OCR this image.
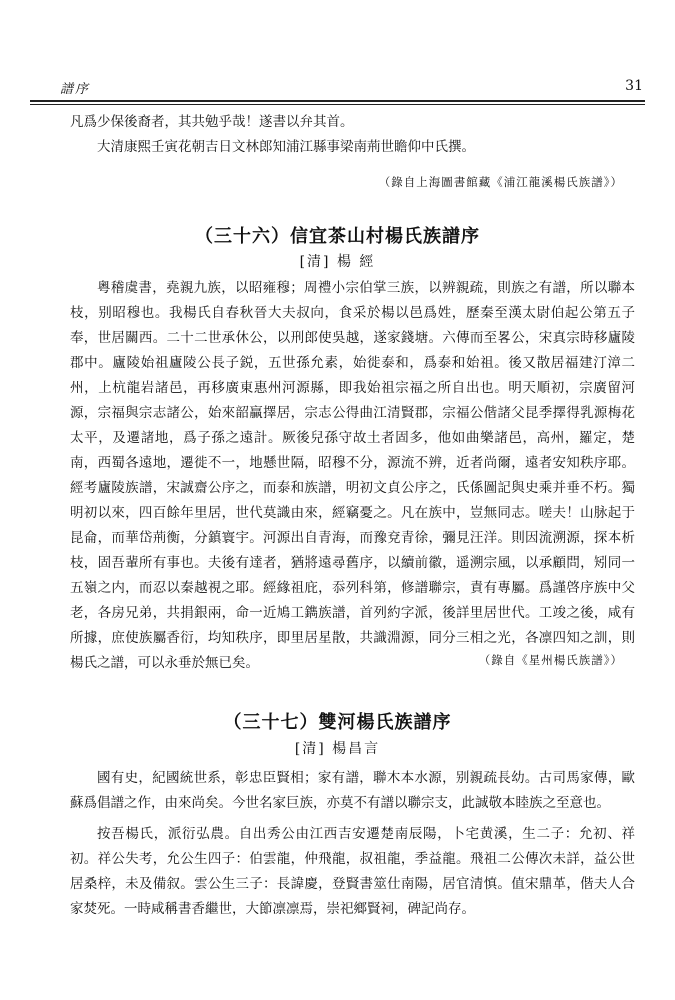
譜序	31

凡爲少保後裔者，其共勉乎哉！遂書以弁其首。

大清康熙壬寅花朝吉日文林郎知浦江縣事梁南荊世瞻仰中氏撰。

（錄自上海圖書館藏《浦江龍溪楊氏族譜》）
（三十六）信宜茶山村楊氏族譜序
[清] 楊 經

粵稽虞書，堯親九族，以昭雍穆；周禮小宗伯掌三族，以辨親疏，則族之有譜，所以聯本枝，别昭穆也。我楊氏自春秋晉大夫叔向，食采於楊以邑爲姓，歷秦至漢太尉伯起公第五子奉，世居關西。二十二世承休公，以刑郎使吳越，遂家錢塘。六傳而至畧公，宋真宗時移廬陵郡中。廬陵始祖廬陵公長子鋭，五世孫允素，始徙泰和，爲泰和始祖。後又散居福建汀漳二州，上杭龍岩諸邑，再移廣東惠州河源縣，即我始祖宗福之所自出也。明天順初，宗廣留河源，宗福與宗志諸公，始來韶贏擇居，宗志公得曲江清賢郡，宗福公偕諸父昆季擇得乳源梅花太平，及遷諸地，爲子孫之遠計。厥後兒孫守故土者固多，他如曲樂諸邑，高州，羅定，楚南，西蜀各遠地，遷徙不一，地懸世隔，昭穆不分，源流不辨，近者尚爾，遠者安知秩序耶。經考廬陵族譜，宋誠齋公序之，而泰和族譜，明初文貞公序之，氏係圖記與史乘并垂不朽。獨明初以來，四百餘年里居，世代莫識由來，經竊憂之。凡在族中，豈無同志。嗟夫！山脉起于昆侖，而華岱荊衡，分鎮寰宇。河源出自青海，而豫兗青徐，彌見汪洋。則因流溯源，探本析枝，固吾輩所有事也。夫後有達者，猶將遠尋舊序，以續前徽，遥溯宗風，以承顧問，矧同一五嶺之内，而忍以秦越視之耶。經緣祖庇，忝列科第，修譜聯宗，責有專屬。爲謹啓序族中父老，各房兄弟，共捐銀兩，命一近鳩工鐫族譜，首列約字派，後詳里居世代。工竣之後，咸有所據，庶使族屬香衍，均知秩序，即里居星散，共識淵源，同分三相之光，各凛四知之訓，則楊氏之譜，可以永垂於無已矣。	（錄自《星州楊氏族譜》）
（三十七）雙河楊氏族譜序
[清] 楊昌言

國有史，紀國統世系，彰忠臣賢相；家有譜，聯木本水源，别親疏長幼。古司馬家傳，歐蘇爲倡譜之作，由來尚矣。今世名家巨族，亦莫不有譜以聯宗支，此誠敬本睦族之至意也。

按吾楊氏，派衍弘農。自出秀公由江西吉安遷楚南辰陽，卜宅黄溪，生二子：允初、祥初。祥公失考，允公生四子：伯雲龍，仲飛龍，叔祖龍，季益龍。飛祖二公傳次未詳，益公世居桑梓，未及備叙。雲公生三子：長諱慶，登賢書筮仕南陽，居官清慎。值宋鼎革，偕夫人合家焚死。一時咸稱書香繼世，大節凛凛焉，崇祀鄉賢祠，碑記尚存。
